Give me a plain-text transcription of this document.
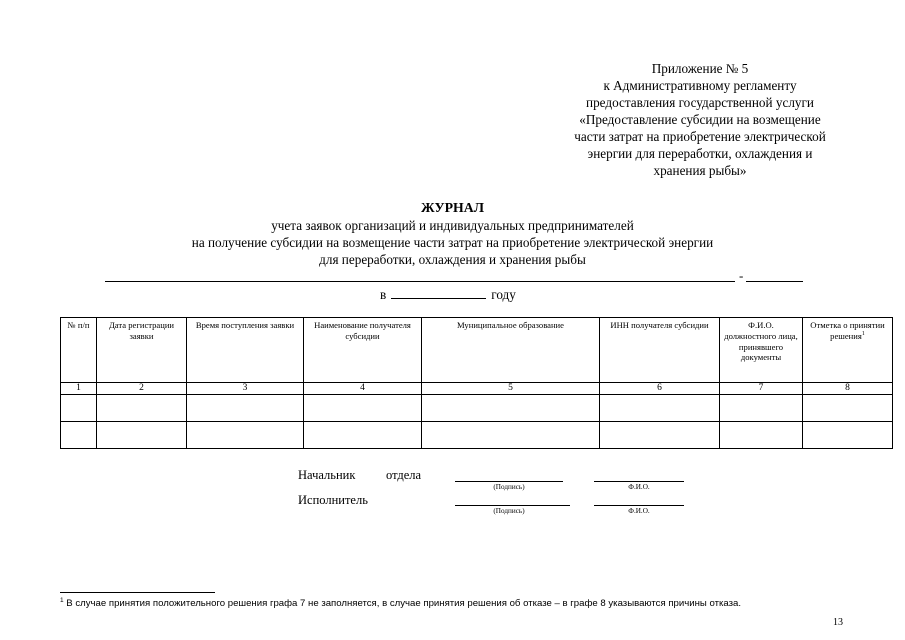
Приложение № 5
к Административному регламенту
предоставления государственной услуги
«Предоставление субсидии на возмещение
части затрат на приобретение электрической
энергии для переработки, охлаждения и
хранения рыбы»
ЖУРНАЛ
учета заявок организаций и индивидуальных предпринимателей
на получение субсидии на возмещение части затрат на приобретение электрической энергии
для переработки, охлаждения и хранения рыбы
-
в	году
№ п/п	Дата регистрации заявки	Время поступления заявки	Наименование получателя субсидии	Муниципальное образование	ИНН получателя субсидии	Ф.И.О. должностного лица, принявшего документы	Отметка о принятии решения$^1$
1	2	3	4	5	6	7	8

Начальник отдела
Исполнитель
(Подпись)	Ф.И.О.
(Подпись)	Ф.И.О.
$^1$ В случае принятия положительного решения графа 7 не заполняется, в случае принятия решения об отказе – в графе 8 указываются причины отказа.
13
